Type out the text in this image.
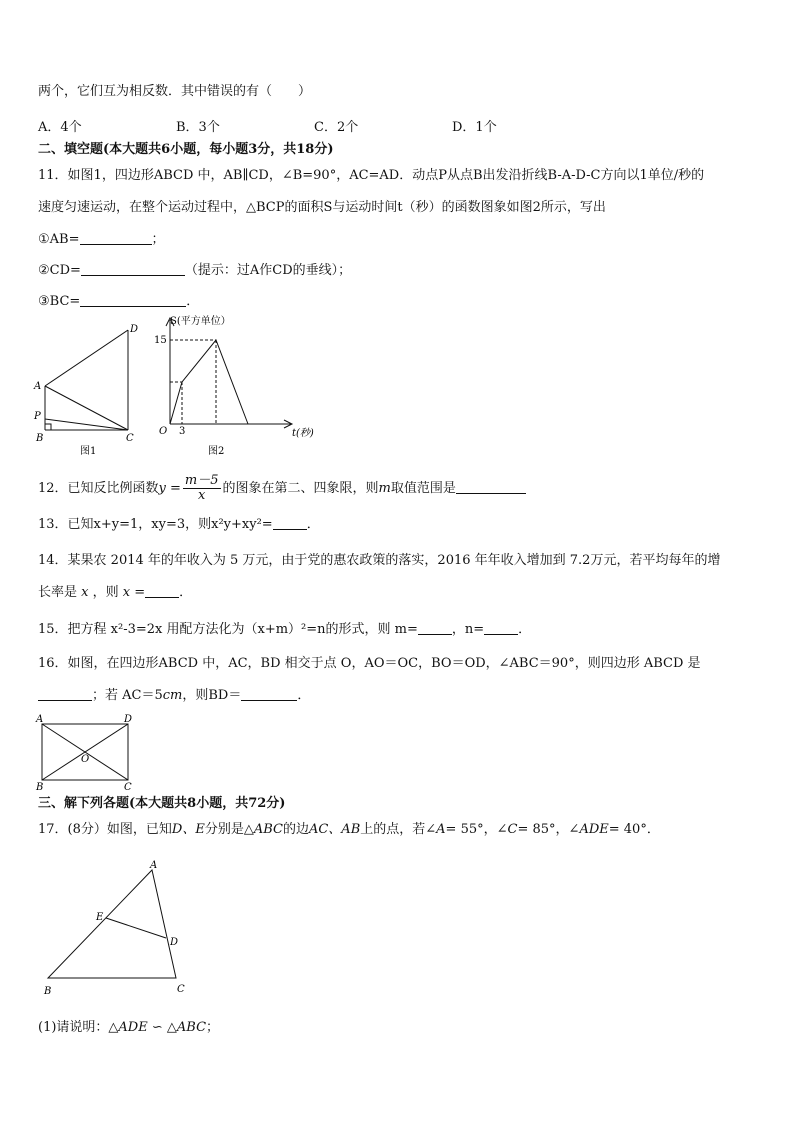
两个，它们互为相反数．其中错误的有（　　）
A．4个	B．3个	C．2个	D．1个
二、填空题(本大题共6小题，每小题3分，共18分)
11．如图1，四边形ABCD 中，AB∥CD，∠B=90°，AC=AD．动点P从点B出发沿折线B-A-D-C方向以1单位/秒的
速度匀速运动，在整个运动过程中，△BCP的面积S与运动时间t（秒）的函数图象如图2所示，写出
①AB=	；
②CD=	（提示：过A作CD的垂线）；
③BC=	．
D
A
P
B	C
图1
S(平方单位）
15
O 3	t(秒)
图2
12．已知反比例函数$y = \frac{m-5}{x}$ 的图象在第二、四象限，则m取值范围是
13．已知x+y=1，xy=3，则x²y+xy²=	．
14．某果农 2014 年的年收入为 5 万元，由于党的惠农政策的落实，2016 年年收入增加到 7.2万元，若平均每年的增
长率是 x ，则 x =	．
15．把方程 x²-3=2x 用配方法化为（x+m）²=n的形式，则 m=	，n=	．
16．如图，在四边形ABCD 中，AC，BD 相交于点 O，AO＝OC，BO＝OD，∠ABC＝90°，则四边形 ABCD 是
；若 AC＝5cm，则BD＝	．
A	D
B	C
O
三、解下列各题(本大题共8小题，共72分)
17．(8分）如图，已知D、E分别是△ABC的边AC、AB上的点，若∠A= 55°，∠C= 85°，∠ADE= 40°．
A
E
D
B	C
(1)请说明：△ADE ∽ △ABC；
